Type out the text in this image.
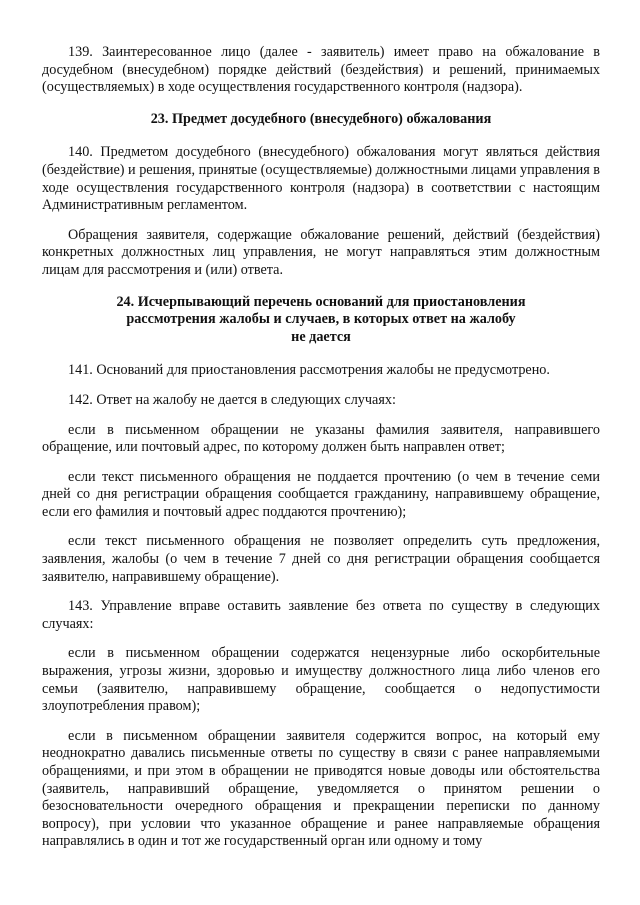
139. Заинтересованное лицо (далее - заявитель) имеет право на обжалование в досудебном (внесудебном) порядке действий (бездействия) и решений, принимаемых (осуществляемых) в ходе осуществления государственного контроля (надзора).

23. Предмет досудебного (внесудебного) обжалования

140. Предметом досудебного (внесудебного) обжалования могут являться действия (бездействие) и решения, принятые (осуществляемые) должностными лицами управления в ходе осуществления государственного контроля (надзора) в соответствии с настоящим Административным регламентом.

Обращения заявителя, содержащие обжалование решений, действий (бездействия) конкретных должностных лиц управления, не могут направляться этим должностным лицам для рассмотрения и (или) ответа.

24. Исчерпывающий перечень оснований для приостановления
рассмотрения жалобы и случаев, в которых ответ на жалобу
не дается

141. Оснований для приостановления рассмотрения жалобы не предусмотрено.

142. Ответ на жалобу не дается в следующих случаях:

если в письменном обращении не указаны фамилия заявителя, направившего обращение, или почтовый адрес, по которому должен быть направлен ответ;

если текст письменного обращения не поддается прочтению (о чем в течение семи дней со дня регистрации обращения сообщается гражданину, направившему обращение, если его фамилия и почтовый адрес поддаются прочтению);

если текст письменного обращения не позволяет определить суть предложения, заявления, жалобы (о чем в течение 7 дней со дня регистрации обращения сообщается заявителю, направившему обращение).

143. Управление вправе оставить заявление без ответа по существу в следующих случаях:

если в письменном обращении содержатся нецензурные либо оскорбительные выражения, угрозы жизни, здоровью и имуществу должностного лица либо членов его семьи (заявителю, направившему обращение, сообщается о недопустимости злоупотребления правом);

если в письменном обращении заявителя содержится вопрос, на который ему неоднократно давались письменные ответы по существу в связи с ранее направляемыми обращениями, и при этом в обращении не приводятся новые доводы или обстоятельства (заявитель, направивший обращение, уведомляется о принятом решении о безосновательности очередного обращения и прекращении переписки по данному вопросу), при условии что указанное обращение и ранее направляемые обращения направлялись в один и тот же государственный орган или одному и тому
